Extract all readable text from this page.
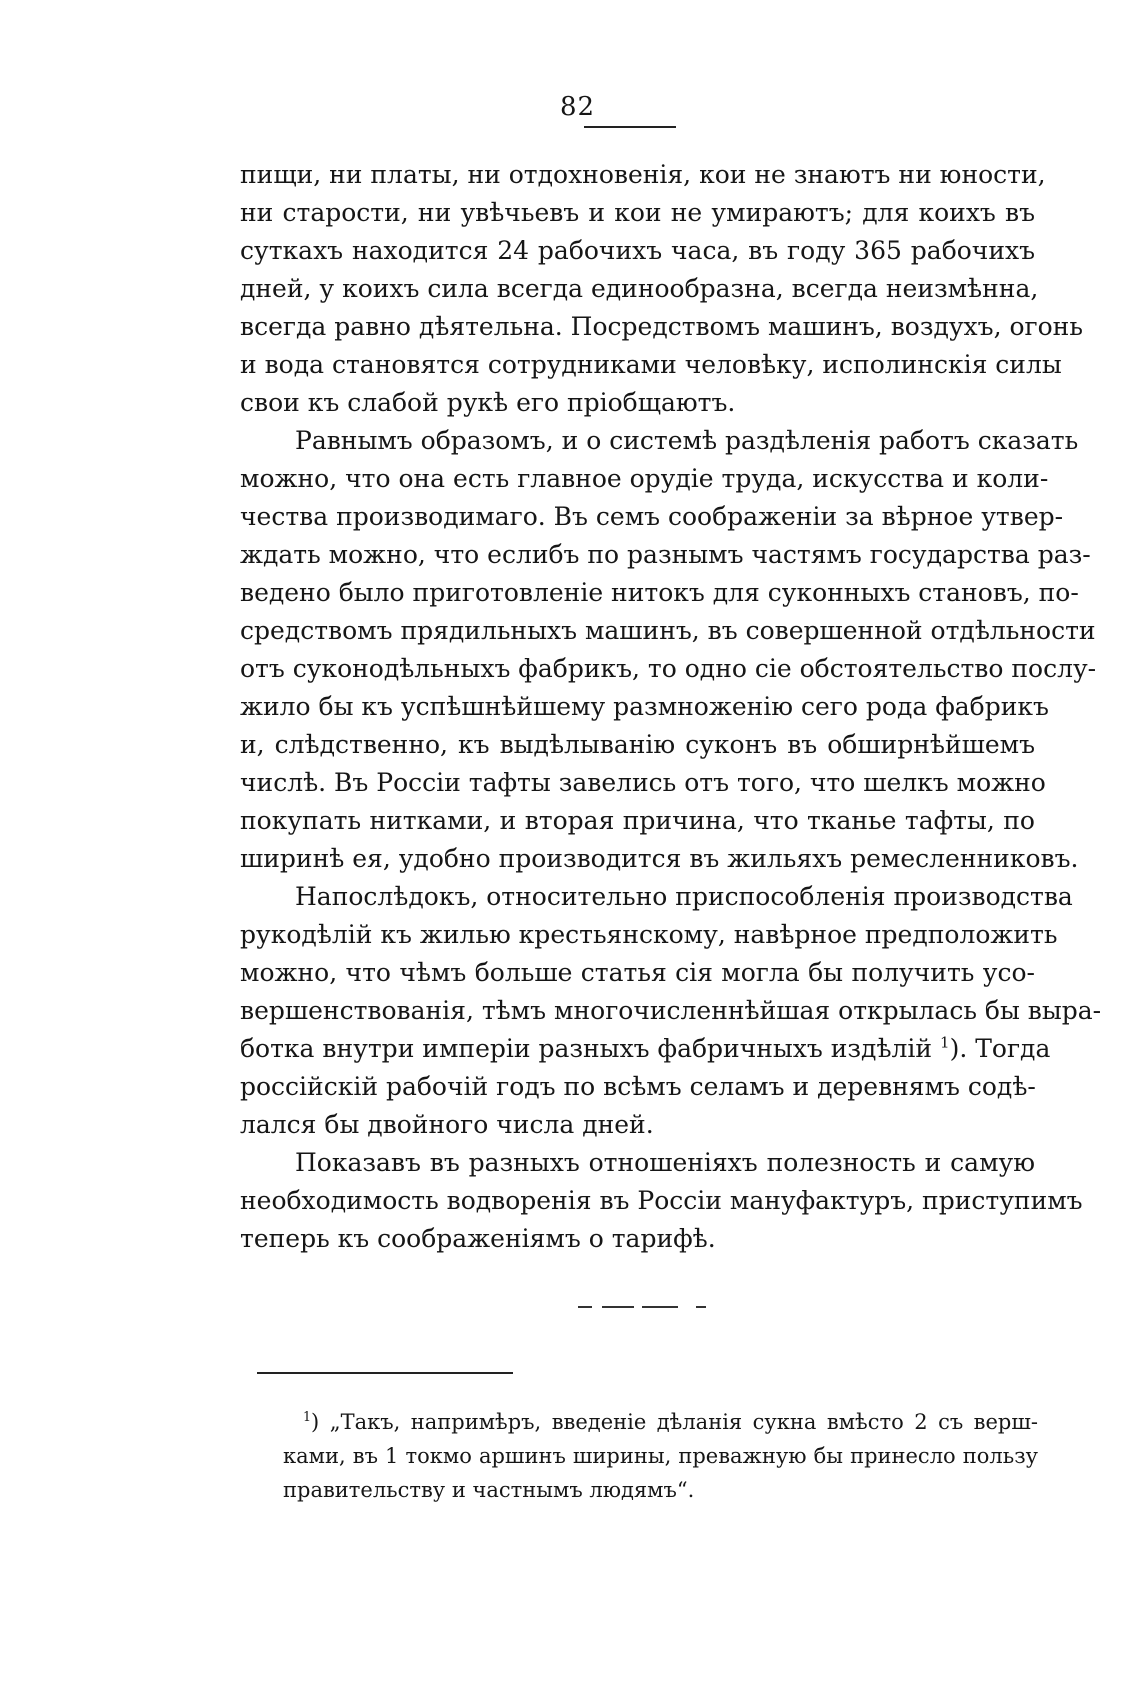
82
пищи, ни платы, ни отдохновенія, кои не знаютъ ни юности,
ни старости, ни увѣчьевъ и кои не умираютъ; для коихъ въ
суткахъ находится 24 рабочихъ часа, въ году 365 рабочихъ
дней, у коихъ сила всегда единообразна, всегда неизмѣнна,
всегда равно дѣятельна. Посредствомъ машинъ, воздухъ, огонь
и вода становятся сотрудниками человѣку, исполинскія силы
свои къ слабой рукѣ его пріобщаютъ.
Равнымъ образомъ, и о системѣ раздѣленія работъ сказать
можно, что она есть главное орудіе труда, искусства и коли-
чества производимаго. Въ семъ соображеніи за вѣрное утвер-
ждать можно, что еслибъ по разнымъ частямъ государства раз-
ведено было приготовленіе нитокъ для суконныхъ становъ, по-
средствомъ прядильныхъ машинъ, въ совершенной отдѣльности
отъ суконодѣльныхъ фабрикъ, то одно сіе обстоятельство послу-
жило бы къ успѣшнѣйшему размноженію сего рода фабрикъ
и, слѣдственно, къ выдѣлыванію суконъ въ обширнѣйшемъ
числѣ. Въ Россіи тафты завелись отъ того, что шелкъ можно
покупать нитками, и вторая причина, что тканье тафты, по
ширинѣ ея, удобно производится въ жильяхъ ремесленниковъ.
Напослѣдокъ, относительно приспособленія производства
рукодѣлій къ жилью крестьянскому, навѣрное предположить
можно, что чѣмъ больше статья сія могла бы получить усо-
вершенствованія, тѣмъ многочисленнѣйшая открылась бы выра-
ботка внутри имперіи разныхъ фабричныхъ издѣлій $^1$). Тогда
россійскій рабочій годъ по всѣмъ селамъ и деревнямъ содѣ-
лался бы двойного числа дней.
Показавъ въ разныхъ отношеніяхъ полезность и самую
необходимость водворенія въ Россіи мануфактуръ, приступимъ
теперь къ соображеніямъ о тарифѣ.
$^1$) „Такъ, напримѣръ, введеніе дѣланія сукна вмѣсто 2 съ верш-
ками, въ 1 токмо аршинъ ширины, преважную бы принесло пользу
правительству и частнымъ людямъ“.
